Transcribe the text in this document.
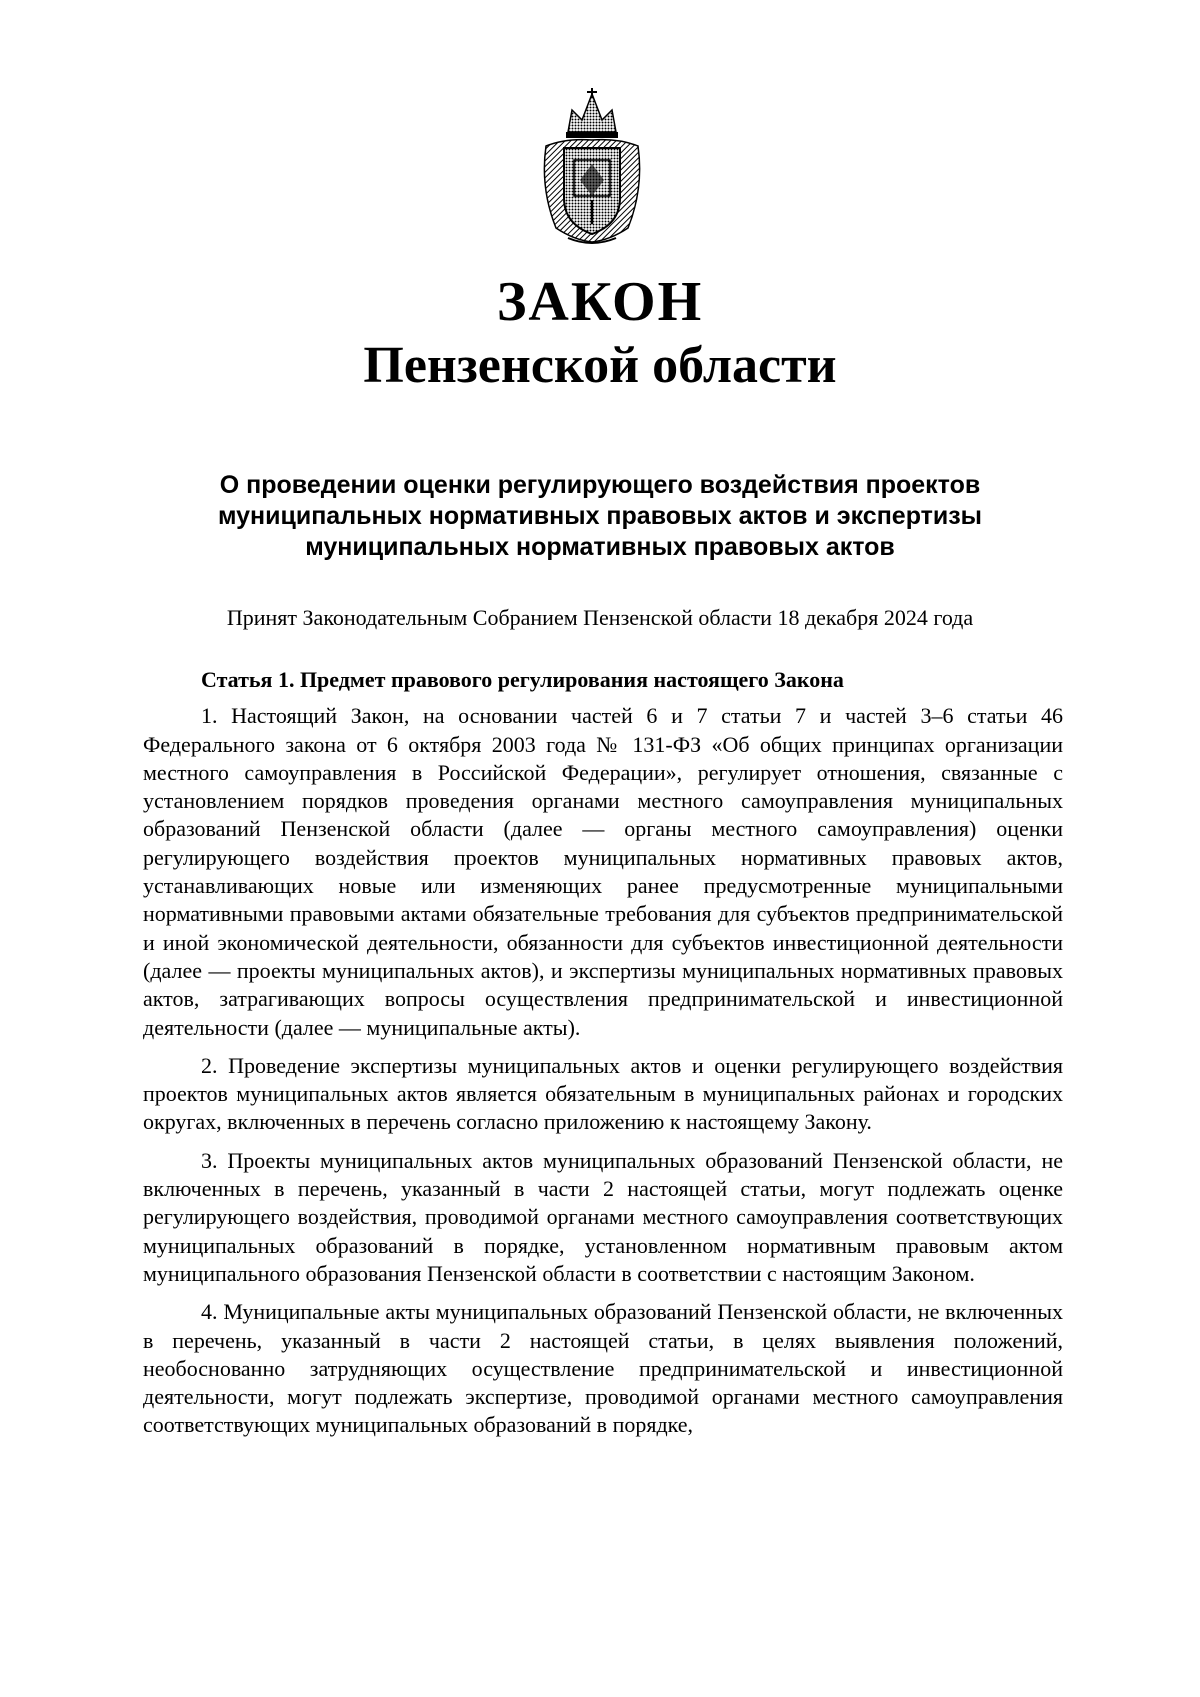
ЗАКОН
Пензенской области
О проведении оценки регулирующего воздействия проектов
муниципальных нормативных правовых актов и экспертизы
муниципальных нормативных правовых актов
Принят Законодательным Собранием Пензенской области 18 декабря 2024 года
Статья 1. Предмет правового регулирования настоящего Закона

1. Настоящий Закон, на основании частей 6 и 7 статьи 7 и частей 3–6 статьи 46 Федерального закона от 6 октября 2003 года № 131-ФЗ «Об общих принципах организации местного самоуправления в Российской Федерации», регулирует отношения, связанные с установлением порядков проведения органами местного самоуправления муниципальных образований Пензенской области (далее — органы местного самоуправления) оценки регулирующего воздействия проектов муниципальных нормативных правовых актов, устанавливающих новые или изменяющих ранее предусмотренные муниципальными нормативными правовыми актами обязательные требования для субъектов предпринимательской и иной экономической деятельности, обязанности для субъектов инвестиционной деятельности (далее — проекты муниципальных актов), и экспертизы муниципальных нормативных правовых актов, затрагивающих вопросы осуществления предпринимательской и инвестиционной деятельности (далее — муниципальные акты).

2. Проведение экспертизы муниципальных актов и оценки регулирующего воздействия проектов муниципальных актов является обязательным в муниципальных районах и городских округах, включенных в перечень согласно приложению к настоящему Закону.

3. Проекты муниципальных актов муниципальных образований Пензенской области, не включенных в перечень, указанный в части 2 настоящей статьи, могут подлежать оценке регулирующего воздействия, проводимой органами местного самоуправления соответствующих муниципальных образований в порядке, установленном нормативным правовым актом муниципального образования Пензенской области в соответствии с настоящим Законом.

4. Муниципальные акты муниципальных образований Пензенской области, не включенных в перечень, указанный в части 2 настоящей статьи, в целях выявления положений, необоснованно затрудняющих осуществление предпринимательской и инвестиционной деятельности, могут подлежать экспертизе, проводимой органами местного самоуправления соответствующих муниципальных образований в порядке,
